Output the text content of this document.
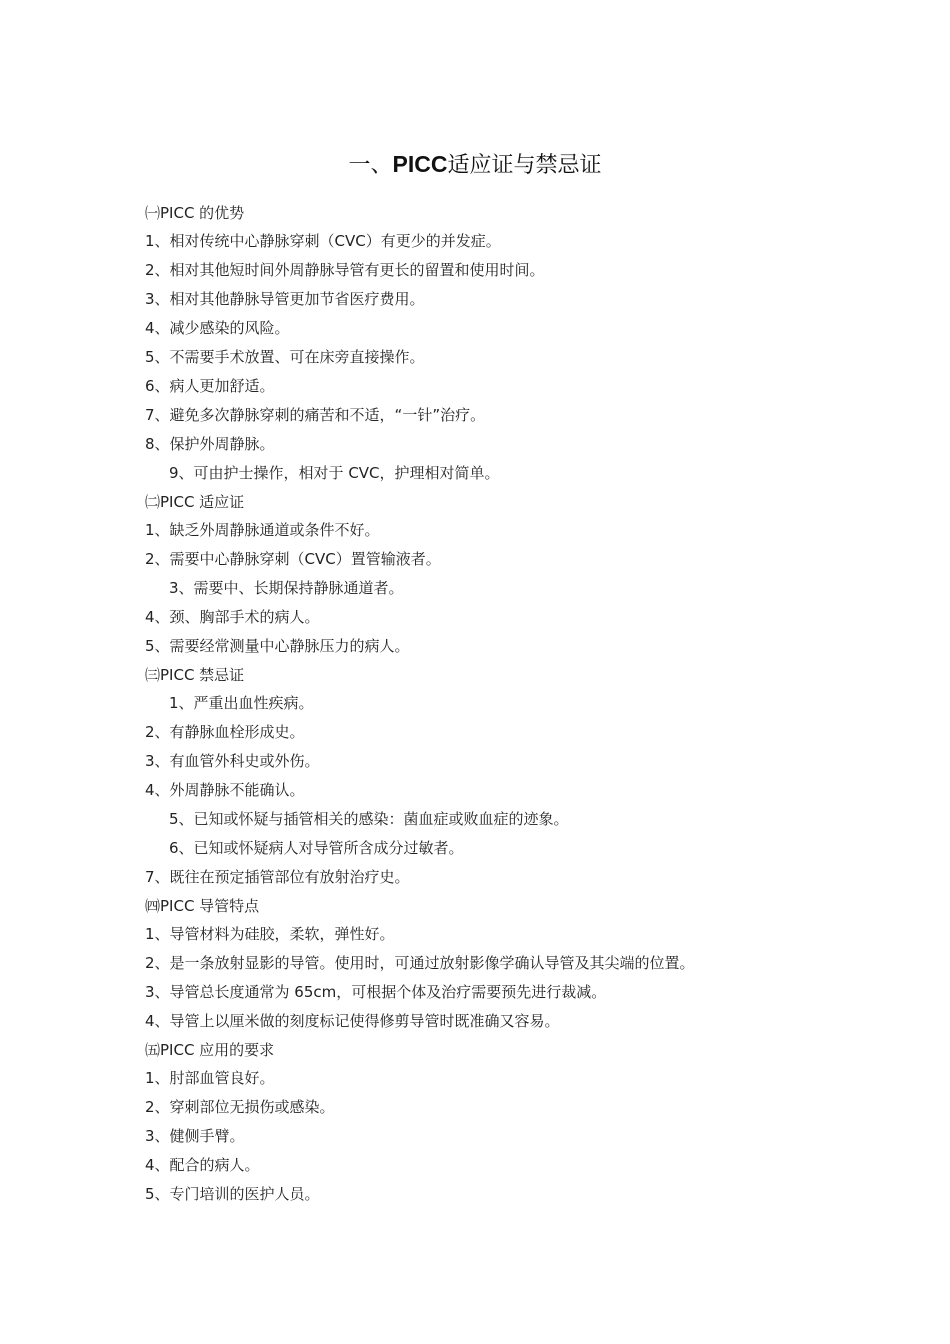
一、PICC适应证与禁忌证
㈠PICC 的优势
1、相对传统中心静脉穿刺（CVC）有更少的并发症。
2、相对其他短时间外周静脉导管有更长的留置和使用时间。
3、相对其他静脉导管更加节省医疗费用。
4、减少感染的风险。
5、不需要手术放置、可在床旁直接操作。
6、病人更加舒适。
7、避免多次静脉穿刺的痛苦和不适，“一针”治疗。
8、保护外周静脉。
9、可由护士操作，相对于 CVC，护理相对简单。
㈡PICC 适应证
1、缺乏外周静脉通道或条件不好。
2、需要中心静脉穿刺（CVC）置管输液者。
3、需要中、长期保持静脉通道者。
4、颈、胸部手术的病人。
5、需要经常测量中心静脉压力的病人。
㈢PICC 禁忌证
1、严重出血性疾病。
2、有静脉血栓形成史。
3、有血管外科史或外伤。
4、外周静脉不能确认。
5、已知或怀疑与插管相关的感染：菌血症或败血症的迹象。
6、已知或怀疑病人对导管所含成分过敏者。
7、既往在预定插管部位有放射治疗史。
㈣PICC 导管特点
1、导管材料为硅胶，柔软，弹性好。
2、是一条放射显影的导管。使用时，可通过放射影像学确认导管及其尖端的位置。
3、导管总长度通常为 65cm，可根据个体及治疗需要预先进行裁减。
4、导管上以厘米做的刻度标记使得修剪导管时既准确又容易。
㈤PICC 应用的要求
1、肘部血管良好。
2、穿刺部位无损伤或感染。
3、健侧手臂。
4、配合的病人。
5、专门培训的医护人员。
